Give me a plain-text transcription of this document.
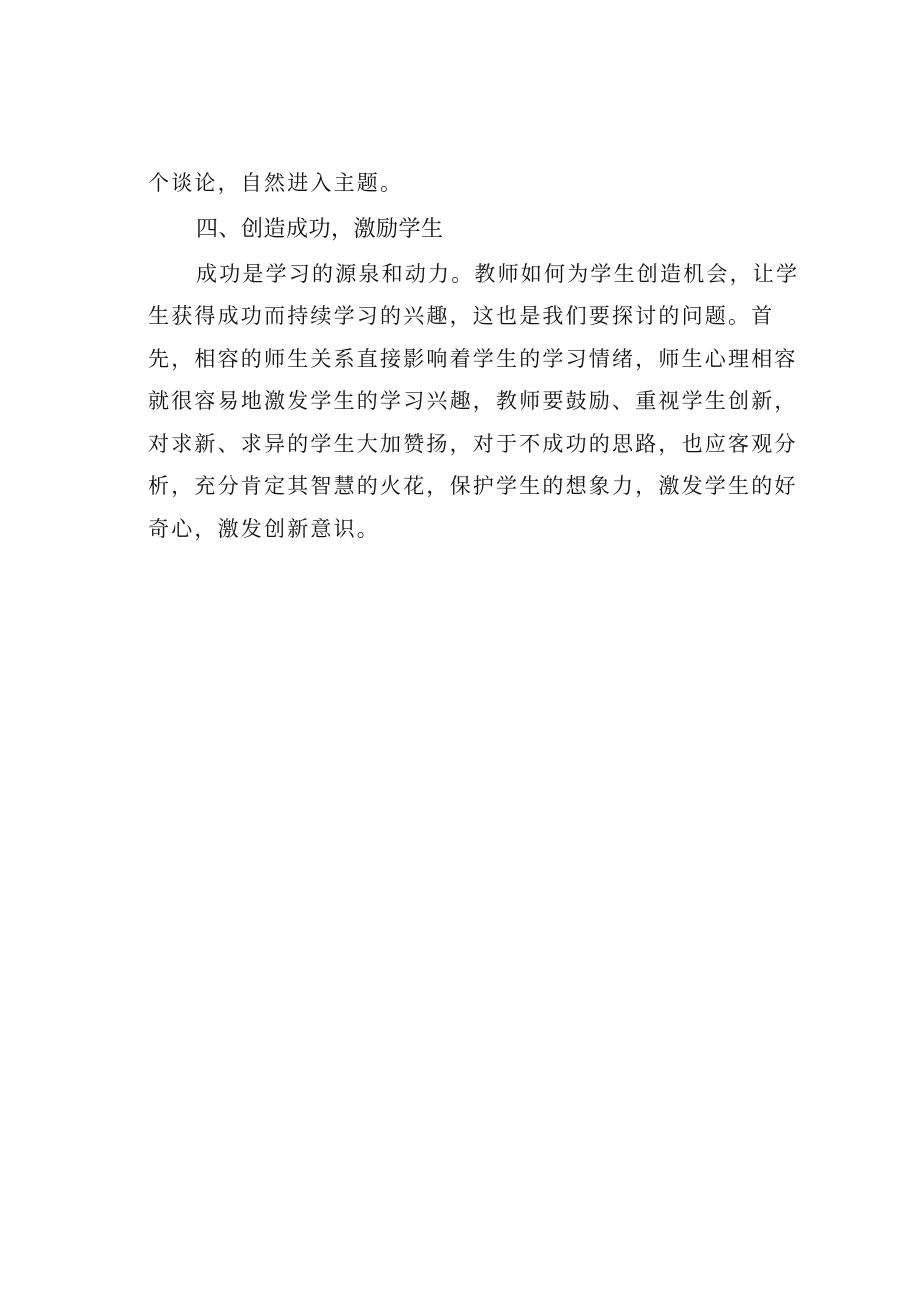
个谈论，自然进入主题。
四、创造成功，激励学生
成功是学习的源泉和动力。教师如何为学生创造机会，让学
生获得成功而持续学习的兴趣，这也是我们要探讨的问题。首
先，相容的师生关系直接影响着学生的学习情绪，师生心理相容
就很容易地激发学生的学习兴趣，教师要鼓励、重视学生创新，
对求新、求异的学生大加赞扬，对于不成功的思路，也应客观分
析，充分肯定其智慧的火花，保护学生的想象力，激发学生的好
奇心，激发创新意识。
